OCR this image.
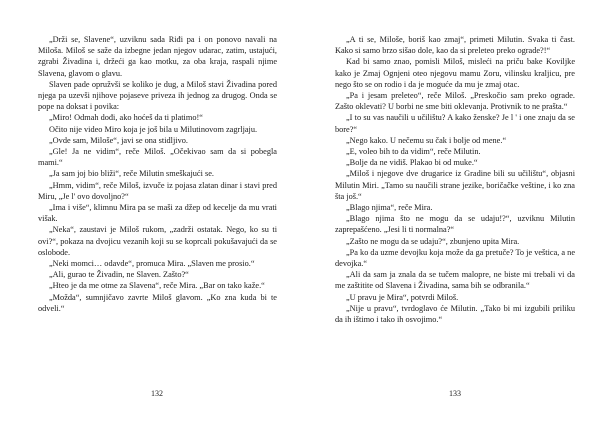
„Drži se, Slavene“, uzviknu sada Riđi pa i on ponovo navali na Miloša. Miloš se saže da izbegne jedan njegov udarac, zatim, ustajući, zgrabi Živadina i, držeći ga kao motku, za oba kraja, raspali njime Slavena, glavom o glavu.

Slaven pade opružvši se koliko je dug, a Miloš stavi Živadina pored njega pa uzevši njihove pojaseve priveza ih jednog za drugog. Onda se pope na doksat i povika:

„Miro! Odmah dođi, ako hoćeš da ti platimo!“

Očito nije video Miro koja je još bila u Milutinovom zagrljaju.

„Ovde sam, Miloše“, javi se ona stidljivo.

„Gle! Ja ne vidim“, reče Miloš. „Očekivao sam da si pobegla mami.“

„Ja sam joj bio bliži“, reče Milutin smeškajući se.

„Hmm, vidim“, reče Miloš, izvuče iz pojasa zlatan dinar i stavi pred Miru, „Je l' ovo dovoljno?“

„Ima i više“, klimnu Mira pa se maši za džep od kecelje da mu vrati višak.

„Neka“, zaustavi je Miloš rukom, „zadrži ostatak. Nego, ko su ti ovi?“, pokaza na dvojicu vezanih koji su se koprcali pokušavajući da se oslobode.

„Neki momci… odavde“, promuca Mira. „Slaven me prosio.“

„Ali, gurao te Živadin, ne Slaven. Zašto?“

„Hteo je da me otme za Slavena“, reče Mira. „Bar on tako kaže.“

„Možda“, sumnjičavo zavrte Miloš glavom. „Ko zna kuda bi te odveli.“

132

„A ti se, Miloše, boriš kao zmaj“, primeti Milutin. Svaka ti čast. Kako si samo brzo sišao dole, kao da si preleteo preko ograde?!“

Kad bi samo znao, pomisli Miloš, misleći na priču bake Koviljke kako je Zmaj Ognjeni oteo njegovu mamu Zoru, vilinsku kraljicu, pre nego što se on rodio i da je moguće da mu je zmaj otac.

„Pa i jesam preleteo“, reče Miloš. „Preskočio sam preko ograde. Zašto oklevati? U borbi ne sme biti oklevanja. Protivnik to ne prašta.“

„I to su vas naučili u učilištu? A kako ženske? Je l ' i one znaju da se bore?“

„Nego kako. U nečemu su čak i bolje od mene.“

„E, voleo bih to da vidim“, reče Milutin.

„Bolje da ne vidiš. Plakao bi od muke.“

„Miloš i njegove dve drugarice iz Gradine bili su učilištu“, objasni Milutin Miri. „Tamo su naučili strane jezike, boričačke veštine, i ko zna šta još.“

„Blago njima“, reče Mira.

„Blago njima što ne mogu da se udaju!?“, uzviknu Milutin zaprepašćeno. „Jesi li ti normalna?“

„Zašto ne mogu da se udaju?“, zbunjeno upita Mira.

„Pa ko da uzme devojku koja može da ga pretuče? To je veštica, a ne devojka.“

„Ali da sam ja znala da se tučem malopre, ne biste mi trebali vi da me zaštitite od Slavena i Živadina, sama bih se odbranila.“

„U pravu je Mira“, potvrdi Miloš.

„Nije u pravu“, tvrdoglavo će Milutin. „Tako bi mi izgubili priliku da ih ištimo i tako ih osvojimo.“

133
